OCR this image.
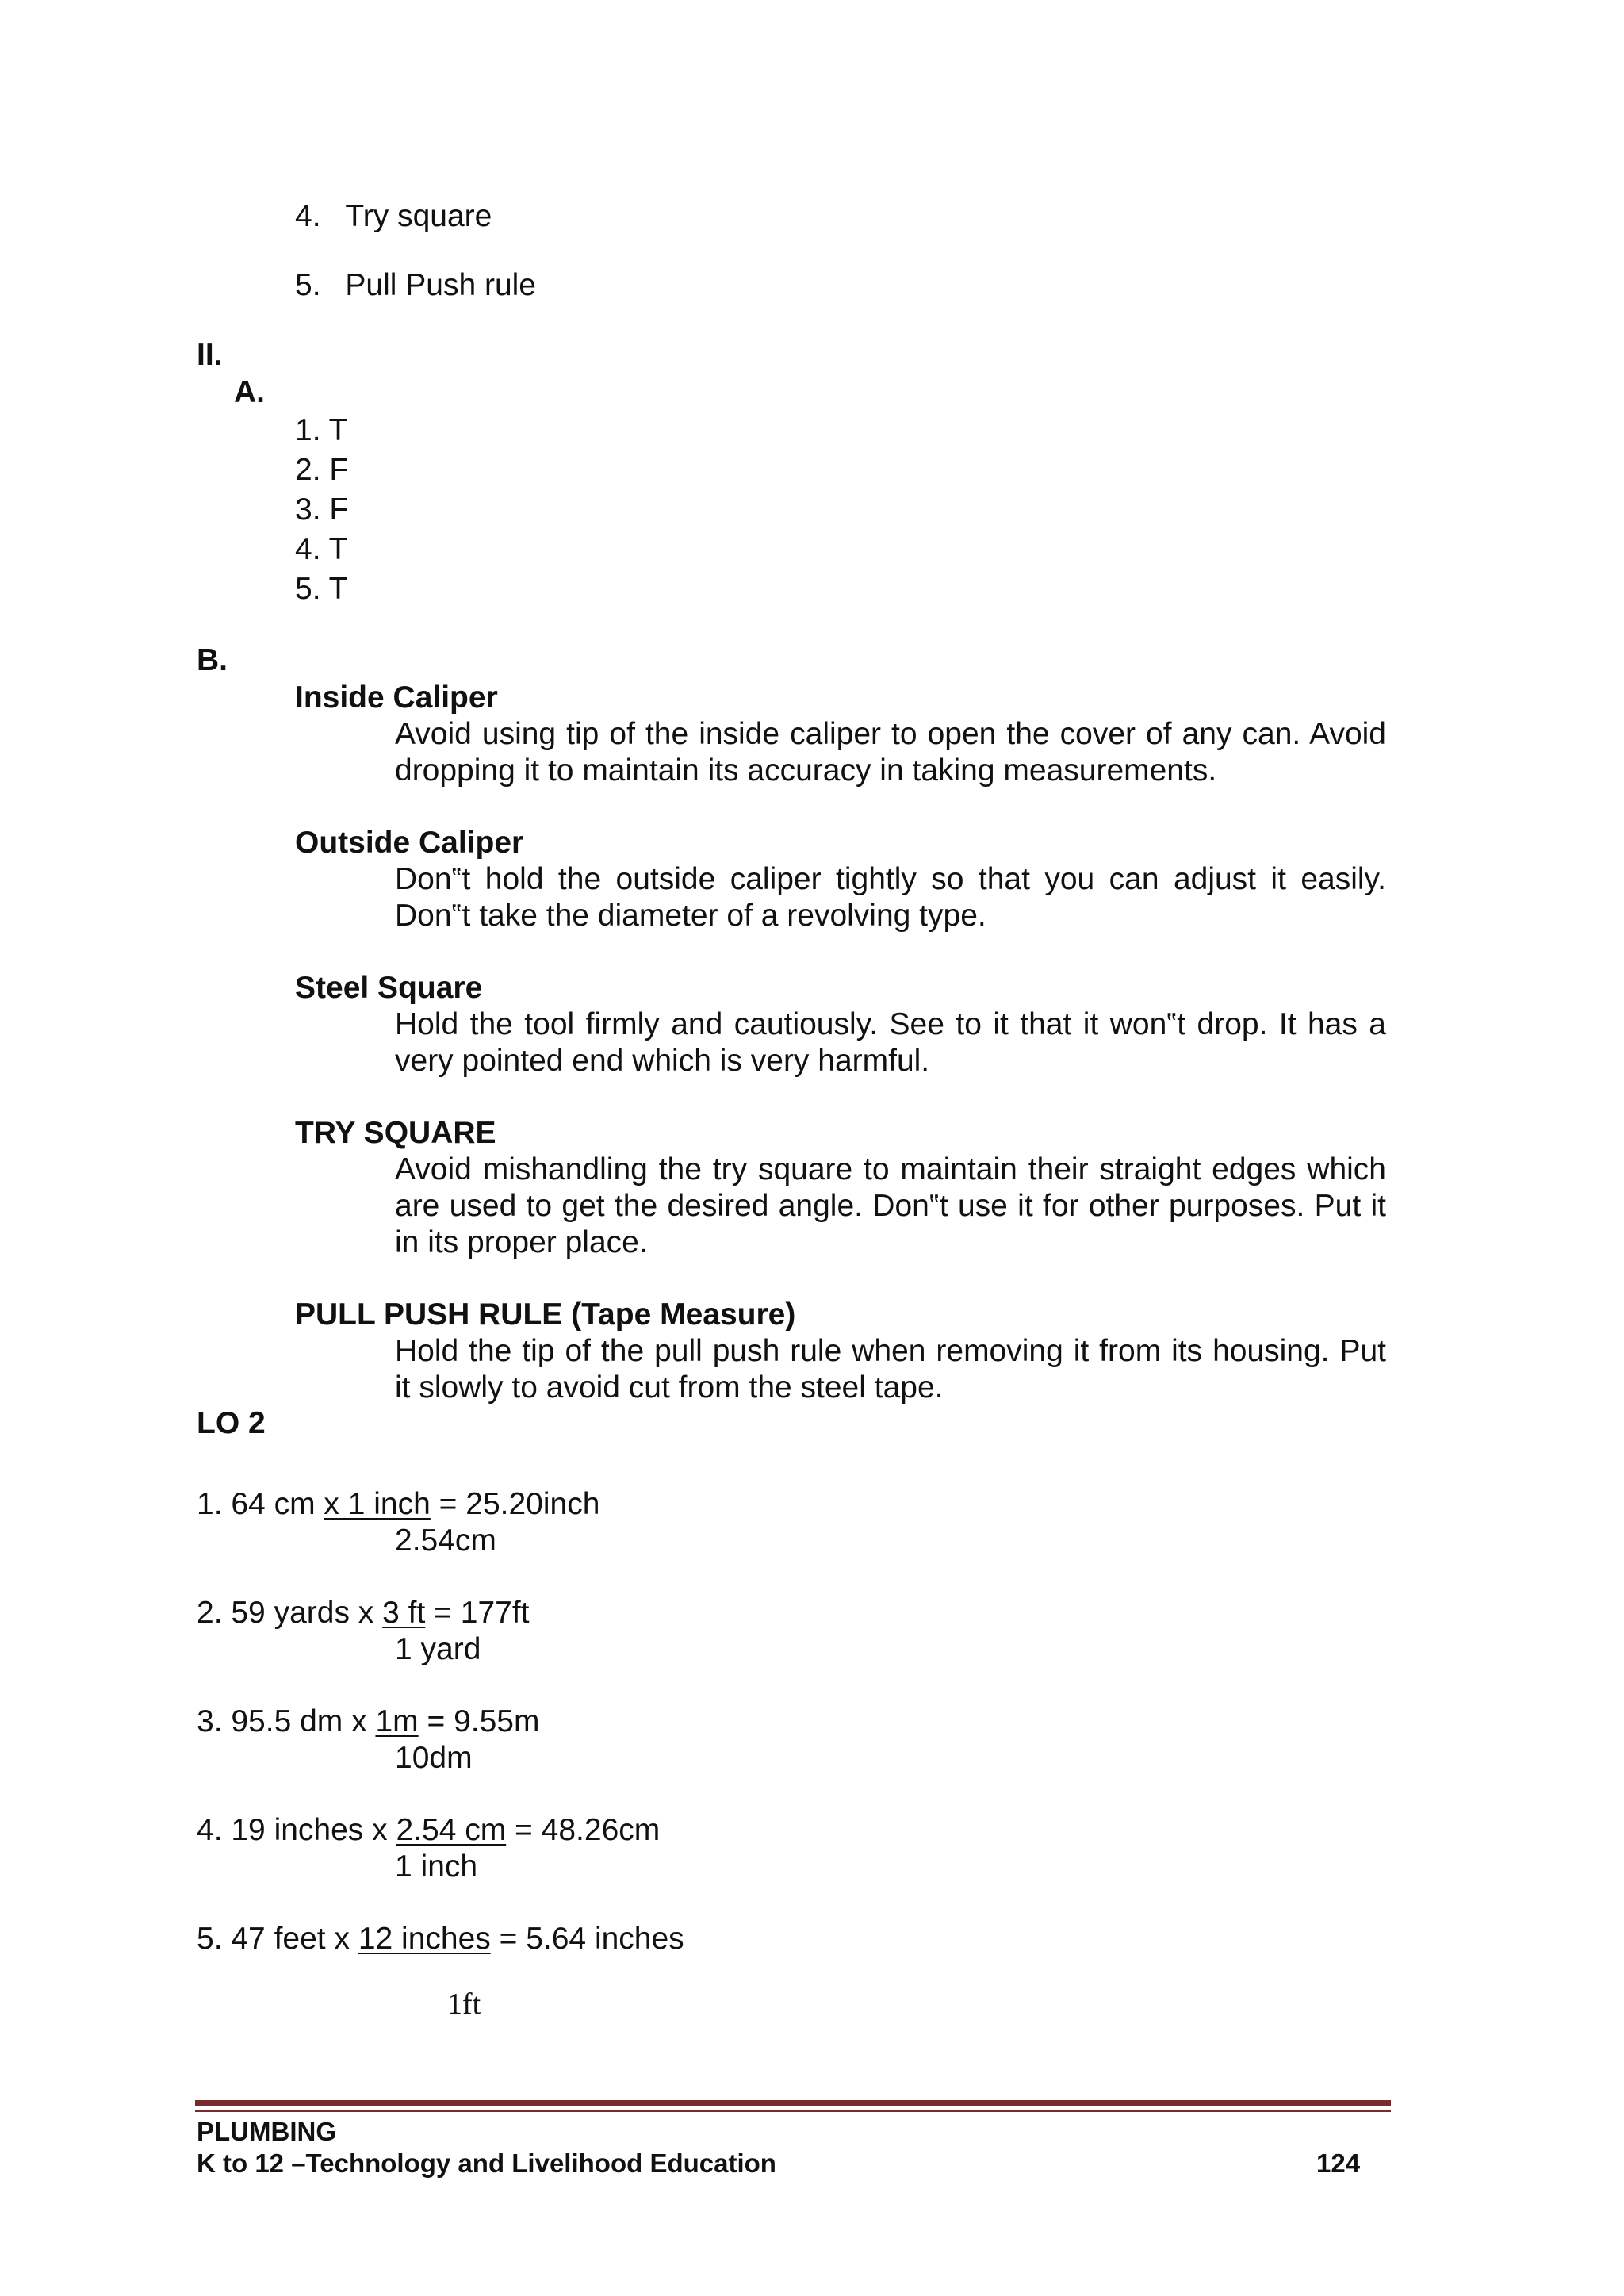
4. Try square
5. Pull Push rule
II.
A.
1. T
2. F
3. F
4. T
5. T
B.
Inside Caliper
Avoid using tip of the inside caliper to open the cover of any can. Avoid dropping it to maintain its accuracy in taking measurements.
Outside Caliper
Don‟t hold the outside caliper tightly so that you can adjust it easily. Don‟t take the diameter of a revolving type.
Steel Square
Hold the tool firmly and cautiously. See to it that it won‟t drop. It has a very pointed end which is very harmful.
TRY SQUARE
Avoid mishandling the try square to maintain their straight edges which are used to get the desired angle. Don‟t use it for other purposes. Put it in its proper place.
PULL PUSH RULE (Tape Measure)
Hold the tip of the pull push rule when removing it from its housing. Put it slowly to avoid cut from the steel tape.
LO 2
1. 64 cm x 1 inch = 25.20inch
2.54cm
2. 59 yards x 3 ft = 177ft
1 yard
3. 95.5 dm x 1m = 9.55m
10dm
4. 19 inches x 2.54 cm = 48.26cm
1 inch
5. 47 feet x 12 inches = 5.64 inches
1ft
PLUMBING
K to 12 –Technology and Livelihood Education	124
